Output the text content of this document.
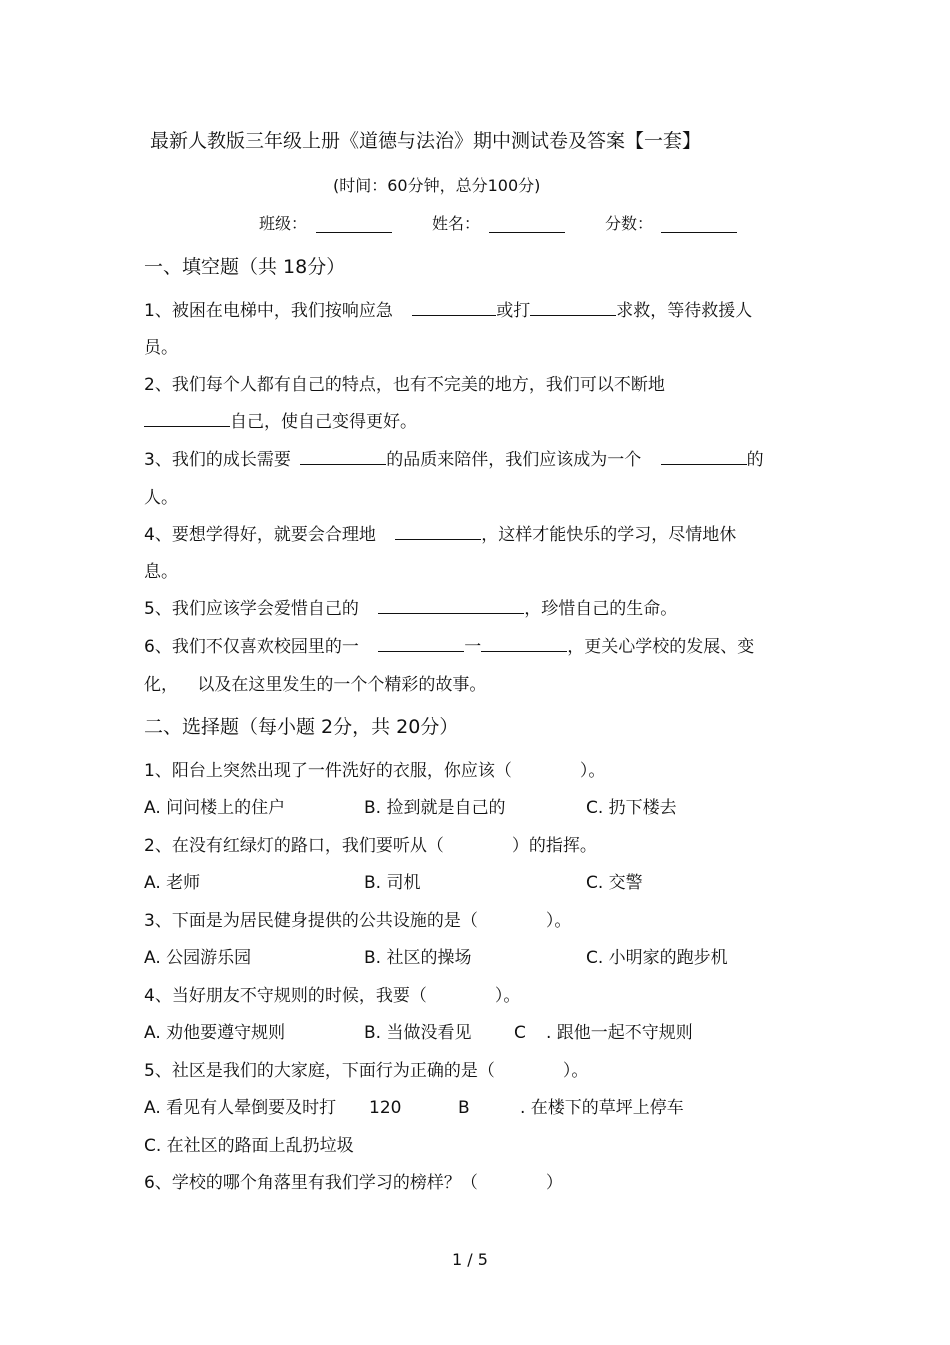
最新人教版三年级上册《道德与法治》期中测试卷及答案【一套】
(时间：60分钟，总分100分)
班级：	姓名：	分数：
一、填空题（共 18分）
1、被困在电梯中，我们按响应急	或打	求救，等待救援人
员。
2、我们每个人都有自己的特点，也有不完美的地方，我们可以不断地
自己，使自己变得更好。
3、我们的成长需要	的品质来陪伴，我们应该成为一个	的
人。
4、要想学得好，就要会合理地	，这样才能快乐的学习，尽情地休
息。
5、我们应该学会爱惜自己的	，珍惜自己的生命。
6、我们不仅喜欢校园里的一	一	，更关心学校的发展、变
化， 以及在这里发生的一个个精彩的故事。
二、选择题（每小题 2分，共 20分）
1、阳台上突然出现了一件洗好的衣服，你应该（　　　　）。
A. 问问楼上的住户	B. 捡到就是自己的	C. 扔下楼去
2、在没有红绿灯的路口，我们要听从（　　　　）的指挥。
A. 老师	B. 司机	C. 交警
3、下面是为居民健身提供的公共设施的是（　　　　）。
A. 公园游乐园	B. 社区的操场	C. 小明家的跑步机
4、当好朋友不守规则的时候，我要（　　　　）。
A. 劝他要遵守规则	B. 当做没看见	C . 跟他一起不守规则
5、社区是我们的大家庭，下面行为正确的是（　　　　）。
A. 看见有人晕倒要及时打 120	B	. 在楼下的草坪上停车
C. 在社区的路面上乱扔垃圾
6、学校的哪个角落里有我们学习的榜样？（　　　　）
1 / 5
